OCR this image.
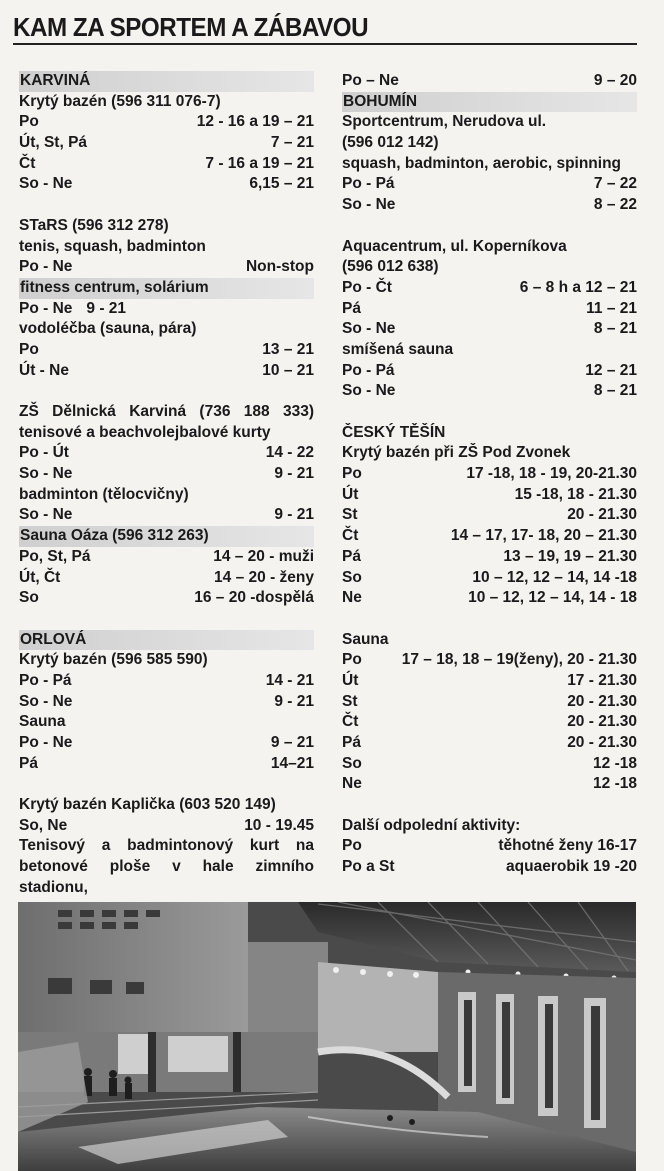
KAM ZA SPORTEM A ZÁBAVOU
KARVINÁ
Krytý bazén (596 311 076-7)
Po	12 - 16 a 19 – 21
Út, St, Pá	7 – 21
Čt	7 - 16 a 19 – 21
So - Ne	6,15 – 21
STaRS (596 312 278)
tenis, squash, badminton
Po - Ne	Non-stop
fitness centrum, solárium
Po - Ne 9 - 21
vodoléčba (sauna, pára)
Po	13 – 21
Út - Ne	10 – 21
ZŠ Dělnická Karviná (736 188 333) tenisové a beachvolejbalové kurty
Po - Út	14 - 22
So - Ne	9 - 21
badminton (tělocvičny)
So - Ne	9 - 21
Sauna Oáza (596 312 263)
Po, St, Pá	14 – 20 - muži
Út, Čt	14 – 20 - ženy
So	16 – 20 -dospělá
ORLOVÁ
Krytý bazén (596 585 590)
Po - Pá	14 - 21
So - Ne	9 - 21
Sauna
Po - Ne	9 – 21
Pá	14–21
Krytý bazén Kaplička (603 520 149)
So, Ne	10 - 19.45
Tenisový a badmintonový kurt na betonové ploše v hale zimního stadionu,
Po – Ne	9 – 20
BOHUMÍN
Sportcentrum, Nerudova ul.
(596 012 142)
squash, badminton, aerobic, spinning
Po - Pá	7 – 22
So - Ne	8 – 22
Aquacentrum, ul. Koperníkova
(596 012 638)
Po - Čt	6 – 8 h a 12 – 21
Pá	11 – 21
So - Ne	8 – 21
smíšená sauna
Po - Pá	12 – 21
So - Ne	8 – 21
ČESKÝ TĚŠÍN
Krytý bazén při ZŠ Pod Zvonek
Po	17 -18, 18 - 19, 20-21.30
Út	15 -18, 18 - 21.30
St	20 - 21.30
Čt	14 – 17, 17- 18, 20 – 21.30
Pá	13 – 19, 19 – 21.30
So	10 – 12, 12 – 14, 14 -18
Ne	10 – 12, 12 – 14, 14 - 18
Sauna
Po	17 – 18, 18 – 19(ženy), 20 - 21.30
Út	17 - 21.30
St	20 - 21.30
Čt	20 - 21.30
Pá	20 - 21.30
So	12 -18
Ne	12 -18
Další odpolední aktivity:
Po	těhotné ženy 16-17
Po a St	aquaerobik 19 -20
